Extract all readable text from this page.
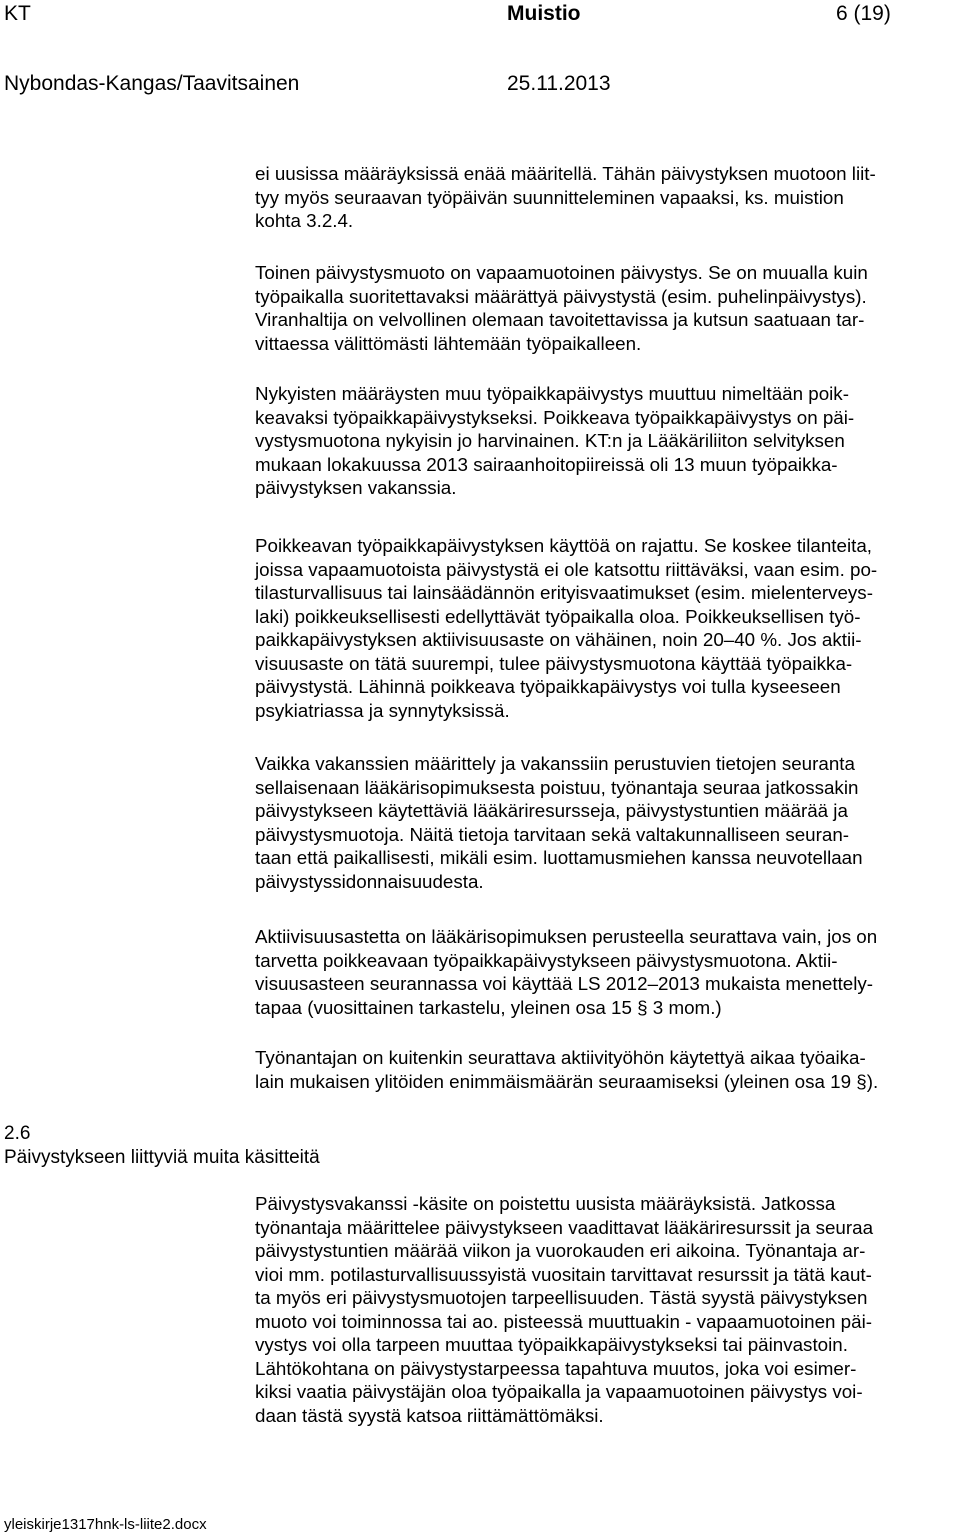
KT	Muistio	6 (19)
Nybondas-Kangas/Taavitsainen	25.11.2013
ei uusissa määräyksissä enää määritellä. Tähän päivystyksen muotoon liit-
tyy myös seuraavan työpäivän suunnitteleminen vapaaksi, ks. muistion
kohta 3.2.4.
Toinen päivystysmuoto on vapaamuotoinen päivystys. Se on muualla kuin
työpaikalla suoritettavaksi määrättyä päivystystä (esim. puhelinpäivystys).
Viranhaltija on velvollinen olemaan tavoitettavissa ja kutsun saatuaan tar-
vittaessa välittömästi lähtemään työpaikalleen.
Nykyisten määräysten muu työpaikkapäivystys muuttuu nimeltään poik-
keavaksi työpaikkapäivystykseksi. Poikkeava työpaikkapäivystys on päi-
vystysmuotona nykyisin jo harvinainen. KT:n ja Lääkäriliiton selvityksen
mukaan lokakuussa 2013 sairaanhoitopiireissä oli 13 muun työpaikka-
päivystyksen vakanssia.
Poikkeavan työpaikkapäivystyksen käyttöä on rajattu. Se koskee tilanteita,
joissa vapaamuotoista päivystystä ei ole katsottu riittäväksi, vaan esim. po-
tilasturvallisuus tai lainsäädännön erityisvaatimukset (esim. mielenterveys-
laki) poikkeuksellisesti edellyttävät työpaikalla oloa. Poikkeuksellisen työ-
paikkapäivystyksen aktiivisuusaste on vähäinen, noin 20–40 %. Jos aktii-
visuusaste on tätä suurempi, tulee päivystysmuotona käyttää työpaikka-
päivystystä. Lähinnä poikkeava työpaikkapäivystys voi tulla kyseeseen
psykiatriassa ja synnytyksissä.
Vaikka vakanssien määrittely ja vakanssiin perustuvien tietojen seuranta
sellaisenaan lääkärisopimuksesta poistuu, työnantaja seuraa jatkossakin
päivystykseen käytettäviä lääkäriresursseja, päivystystuntien määrää ja
päivystysmuotoja. Näitä tietoja tarvitaan sekä valtakunnalliseen seuran-
taan että paikallisesti, mikäli esim. luottamusmiehen kanssa neuvotellaan
päivystyssidonnaisuudesta.
Aktiivisuusastetta on lääkärisopimuksen perusteella seurattava vain, jos on
tarvetta poikkeavaan työpaikkapäivystykseen päivystysmuotona. Aktii-
visuusasteen seurannassa voi käyttää LS 2012–2013 mukaista menettely-
tapaa (vuosittainen tarkastelu, yleinen osa 15 § 3 mom.)
Työnantajan on kuitenkin seurattava aktiivityöhön käytettyä aikaa työaika-
lain mukaisen ylitöiden enimmäismäärän seuraamiseksi (yleinen osa 19 §).
2.6
Päivystykseen liittyviä muita käsitteitä
Päivystysvakanssi -käsite on poistettu uusista määräyksistä. Jatkossa
työnantaja määrittelee päivystykseen vaadittavat lääkäriresurssit ja seuraa
päivystystuntien määrää viikon ja vuorokauden eri aikoina. Työnantaja ar-
vioi mm. potilasturvallisuussyistä vuositain tarvittavat resurssit ja tätä kaut-
ta myös eri päivystysmuotojen tarpeellisuuden. Tästä syystä päivystyksen
muoto voi toiminnossa tai ao. pisteessä muuttuakin - vapaamuotoinen päi-
vystys voi olla tarpeen muuttaa työpaikkapäivystykseksi tai päinvastoin.
Lähtökohtana on päivystystarpeessa tapahtuva muutos, joka voi esimer-
kiksi vaatia päivystäjän oloa työpaikalla ja vapaamuotoinen päivystys voi-
daan tästä syystä katsoa riittämättömäksi.
yleiskirje1317hnk-ls-liite2.docx
